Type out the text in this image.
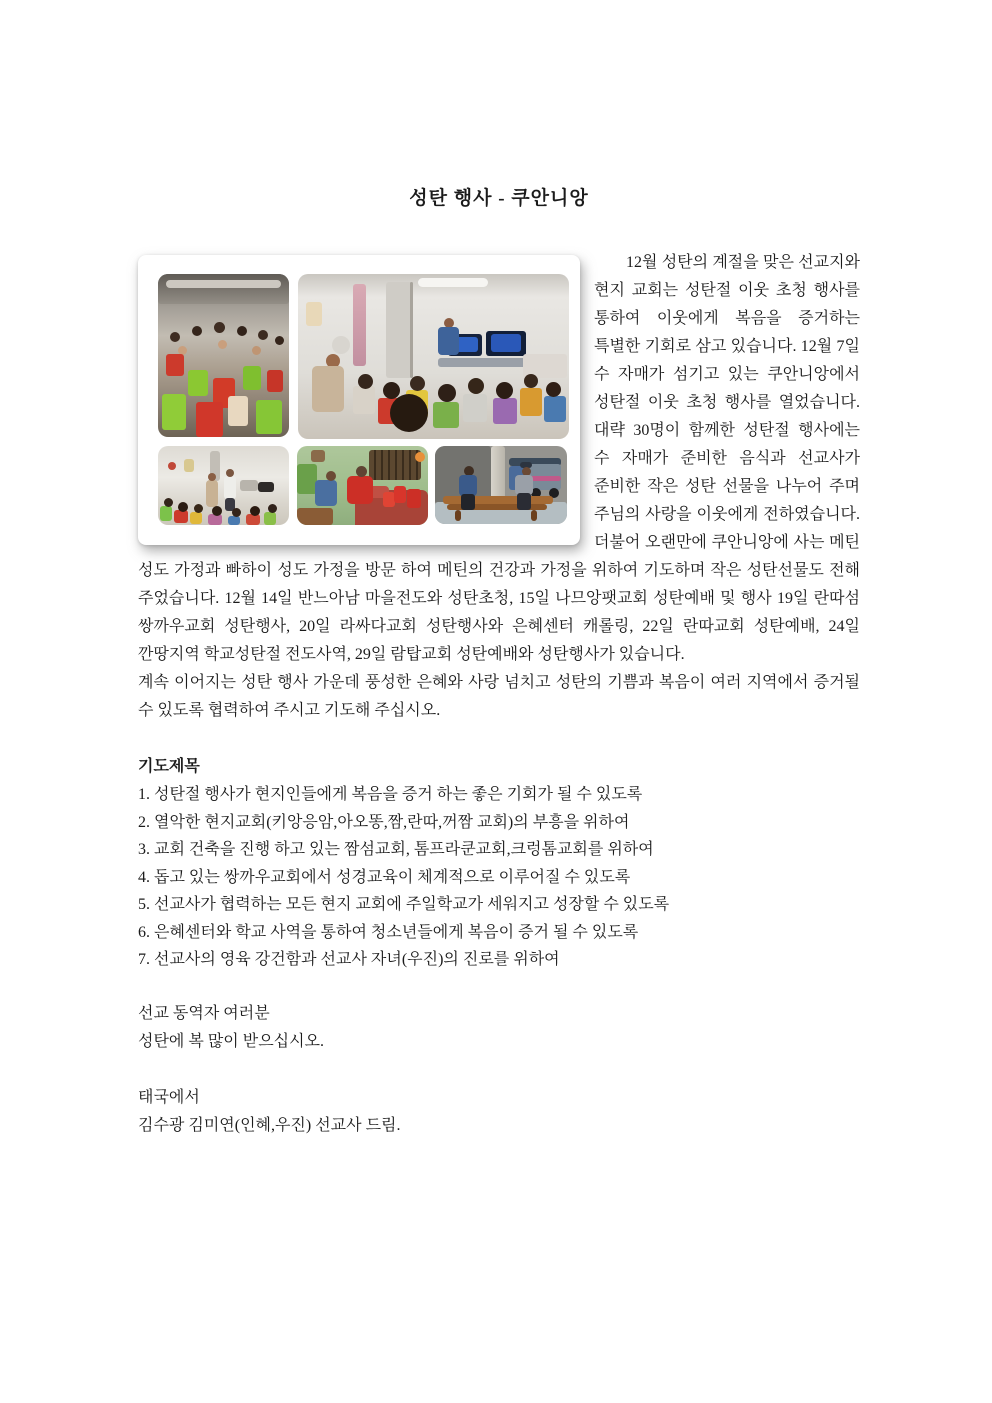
성탄 행사 - 쿠안니앙

12월 성탄의 계절을 맞은 선교지와 현지 교회는 성탄절 이웃 초청 행사를 통하여 이웃에게 복음을 증거하는 특별한 기회로 삼고 있습니다. 12월 7일 수 자매가 섬기고 있는 쿠안니앙에서 성탄절 이웃 초청 행사를 열었습니다. 대략 30명이 함께한 성탄절 행사에는 수 자매가 준비한 음식과 선교사가 준비한 작은 성탄 선물을 나누어 주며 주님의 사랑을 이웃에게 전하였습니다. 더불어 오랜만에 쿠안니앙에 사는 메틴 성도 가정과 빠하이 성도 가정을 방문 하여 메틴의 건강과 가정을 위하여 기도하며 작은 성탄선물도 전해 주었습니다. 12월 14일 반느아남 마을전도와 성탄초청, 15일 나므앙팻교회 성탄예배 및 행사 19일 란따섬 쌍까우교회 성탄행사, 20일 라싸다교회 성탄행사와 은혜센터 캐롤링, 22일 란따교회 성탄예배, 24일 깐땅지역 학교성탄절 전도사역, 29일 람탑교회 성탄예배와 성탄행사가 있습니다.

계속 이어지는 성탄 행사 가운데 풍성한 은혜와 사랑 넘치고 성탄의 기쁨과 복음이 여러 지역에서 증거될 수 있도록 협력하여 주시고 기도해 주십시오.

기도제목
1. 성탄절 행사가 현지인들에게 복음을 증거 하는 좋은 기회가 될 수 있도록
2. 열악한 현지교회(키앙응암,아오똥,짬,란따,꺼짬 교회)의 부흥을 위하여
3. 교회 건축을 진행 하고 있는 짬섬교회, 톰프라쿤교회,크렁톰교회를 위하여
4. 돕고 있는 쌍까우교회에서 성경교육이 체계적으로 이루어질 수 있도록
5. 선교사가 협력하는 모든 현지 교회에 주일학교가 세워지고 성장할 수 있도록
6. 은혜센터와 학교 사역을 통하여 청소년들에게 복음이 증거 될 수 있도록
7. 선교사의 영육 강건함과 선교사 자녀(우진)의 진로를 위하여
선교 동역자 여러분
성탄에 복 많이 받으십시오.
태국에서
김수광 김미연(인혜,우진) 선교사 드림.
